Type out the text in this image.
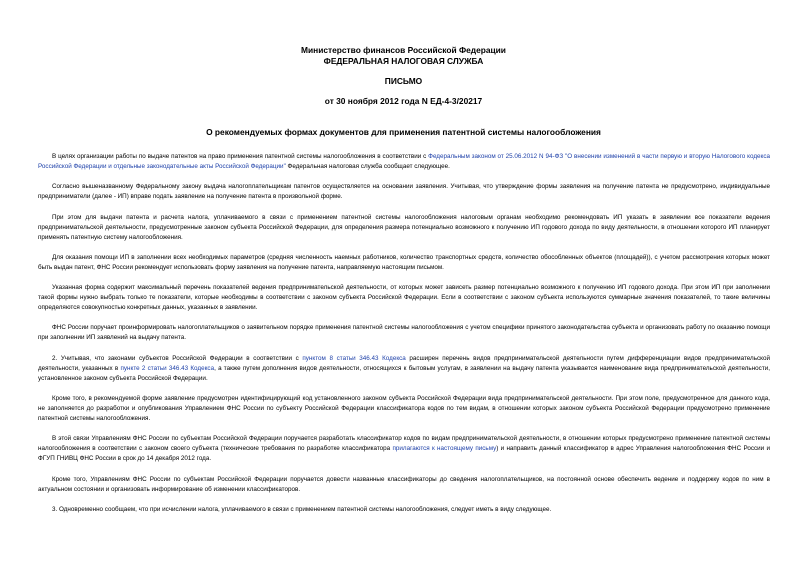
Министерство финансов Российской Федерации
ФЕДЕРАЛЬНАЯ НАЛОГОВАЯ СЛУЖБА
ПИСЬМО
от 30 ноября 2012 года N ЕД-4-3/20217
О рекомендуемых формах документов для применения патентной системы налогообложения

В целях организации работы по выдаче патентов на право применения патентной системы налогообложения в соответствии с Федеральным законом от 25.06.2012 N 94-ФЗ "О внесении изменений в части первую и вторую Налогового кодекса Российской Федерации и отдельные законодательные акты Российской Федерации" Федеральная налоговая служба сообщает следующее.

Согласно вышеназванному Федеральному закону выдача налогоплательщикам патентов осуществляется на основании заявления. Учитывая, что утверждение формы заявления на получение патента не предусмотрено, индивидуальные предприниматели (далее - ИП) вправе подать заявление на получение патента в произвольной форме.

При этом для выдачи патента и расчета налога, уплачиваемого в связи с применением патентной системы налогообложения налоговым органам необходимо рекомендовать ИП указать в заявлении все показатели ведения предпринимательской деятельности, предусмотренные законом субъекта Российской Федерации, для определения размера потенциально возможного к получению ИП годового дохода по виду деятельности, в отношении которого ИП планирует применять патентную систему налогообложения.

Для оказания помощи ИП в заполнении всех необходимых параметров (средняя численность наемных работников, количество транспортных средств, количество обособленных объектов (площадей)), с учетом рассмотрения которых может быть выдан патент, ФНС России рекомендует использовать форму заявления на получение патента, направляемую настоящим письмом.

Указанная форма содержит максимальный перечень показателей ведения предпринимательской деятельности, от которых может зависеть размер потенциально возможного к получению ИП годового дохода. При этом ИП при заполнении такой формы нужно выбрать только те показатели, которые необходимы в соответствии с законом субъекта Российской Федерации. Если в соответствии с законом субъекта используются суммарные значения показателей, то такие величины определяются совокупностью конкретных данных, указанных в заявлении.

ФНС России поручает проинформировать налогоплательщиков о заявительном порядке применения патентной системы налогообложения с учетом специфики принятого законодательства субъекта и организовать работу по оказанию помощи при заполнении ИП заявлений на выдачу патента.

2. Учитывая, что законами субъектов Российской Федерации в соответствии с пунктом 8 статьи 346.43 Кодекса расширен перечень видов предпринимательской деятельности путем дифференциации видов предпринимательской деятельности, указанных в пункте 2 статьи 346.43 Кодекса, а также путем дополнения видов деятельности, относящихся к бытовым услугам, в заявлении на выдачу патента указывается наименование вида предпринимательской деятельности, установленное законом субъекта Российской Федерации.

Кроме того, в рекомендуемой форме заявление предусмотрен идентифицирующий код установленного законом субъекта Российской Федерации вида предпринимательской деятельности. При этом поле, предусмотренное для данного кода, не заполняется до разработки и опубликования Управлением ФНС России по субъекту Российской Федерации классификатора кодов по тем видам, в отношении которых законом субъекта Российской Федерации предусмотрено применение патентной системы налогообложения.

В этой связи Управлениям ФНС России по субъектам Российской Федерации поручается разработать классификатор кодов по видам предпринимательской деятельности, в отношении которых предусмотрено применение патентной системы налогообложения в соответствии с законом своего субъекта (технические требования по разработке классификатора прилагаются к настоящему письму) и направить данный классификатор в адрес Управления налогообложения ФНС России и ФГУП ГНИВЦ ФНС России в срок до 14 декабря 2012 года.

Кроме того, Управлениям ФНС России по субъектам Российской Федерации поручается довести названные классификаторы до сведения налогоплательщиков, на постоянной основе обеспечить ведение и поддержку кодов по ним в актуальном состоянии и организовать информирование об изменении классификаторов.

3. Одновременно сообщаем, что при исчислении налога, уплачиваемого в связи с применением патентной системы налогообложения, следует иметь в виду следующее.
